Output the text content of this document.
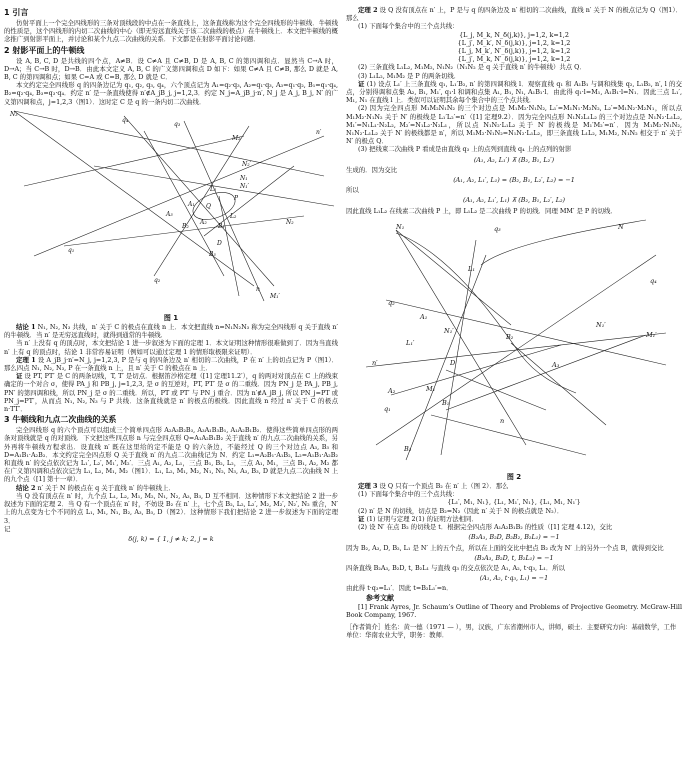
1 引言

仿射平面上一个完全四线形的三条对顶线段的中点在一条直线上，这条直线称为这个完全四线形的牛顿线．牛顿线的性质是，这个四线形的内切二次曲线的中心（即无穷远直线关于该二次曲线的极点）在牛顿线上．本文把牛顿线的概念推广到射影平面上，并讨论和某个九点二次曲线的关系．下文都是在射影平面讨论问题．

2 射影平面上的牛顿线

设 A, B, C, D 是共线的四个点，A≠B．设 C≠A 且 C≠B, D 是 A, B, C 的第四调和点．显然当 C→A 时，D→A；当 C→B 时，D→B．由此本文定义 A, B, C 的广义第四调和点 D 如下：如果 C≠A 且 C≠B, 那么 D 就是 A, B, C 的第四调和点；如果 C=A 或 C=B, 那么 D 就是 C．

本文约定完全四线形 q 的四条边记为 q₁, q₂, q₃, q₄，六个顶点记为 A₁=q₂·q₃, A₂=q₁·q₃, A₃=q₁·q₂, B₁=q₁·q₄, B₂=q₂·q₄, B₃=q₃·q₄．约定 n′ 是一条直线使得 n′∉A_jB_j, j=1,2,3．约定 N_j=A_jB_j·n′, N_j 是 A_j, B_j, N′ 的广义第四调和点，j=1,2,3（图1）．这时定 C 是 q 的一条内切二次曲线．

N₃
M₂
N₂′
N₁′
N₁
n′
L₁
L₂
Q
P
A₁
A₂
B₁
B₂
N₂
M₁′
n
q₁
q₂
q₃
q₄
D
B₃
A₃
图 1

结论 1 N₁, N₂, N₃ 共线，n′ 关于 C 的极点在直线 n 上．本文把直线 n=N₁N₂N₃ 称为完全四线形 q 关于直线 n′ 的牛顿线．当 n′ 是无穷远直线时，就得到通常的牛顿线．

当 n′ 上没有 q 的顶点时，本文把结论 1 进一步叙述为下面的定理 1．本文证明这种情形很难做到了．因为当直线 n′ 上有 q 的顶点时，结论 1 非常容易证明（例如可以通过定理 1 的情形取极限来证明）．

定理 1 设 A_jB_j·n′=N_j, j=1,2,3, P 是与 q 的四条边及 n′ 相切的二次曲线，P 在 n′ 上的切点记为 P（图1）．那么四点 N₁, N₂, N₃, P 在一条直线 n 上，且 n′ 关于 C 的极点在 n 上．

证 设 PT, PT′ 是 C 的两条切线，T, T′ 是切点．根据笛沙格定理（[1] 定理11.2′），q 的两对对顶点在 C 上的线束确定的一个对合 σ，使得 PA_j 和 PB_j, j=1,2,3, 是 σ 的互逆对，PT, PT′ 是 σ 的二重线．因为 PN_j 是 PA_j, PB_j, PN′ 的第四调和线，所以 PN_j 是 σ 的二重线．所以，PT 或 PT′ 与 PN_j 重合．因为 n′∉A_jB_j, 所以 PN_j=PT 或 PN_j=PT′，从而点 N₁, N₂, N₃ 与 P 共线．这条直线就是 n′ 的极点的极线．因此直线 n 经过 n′ 关于 C 的极点 n·TT′．

3 牛顿线和九点二次曲线的关系

完全四线形 q 的六个顶点可以组成三个简单四点形 A₂A₃B₂B₃, A₃A₁B₃B₁, A₁A₂B₁B₂．使得这些简单四点形的两条对顶线就是 q 的对顶线．下文把这些四点形 n 与完全四点形 Q=A₁A₂B₁B₂ 关于直线 n′ 的九点二次曲线的关系，另外再将牛顿线方程求出．设直线 n′ 既在这里给的定不能是 Q 的六条边，不能经过 Q 的三个对边点 A₃, B₃ 和 D=A₁B₁·A₂B₂．本文约定完全四点形 Q 关于直线 n′ 的九点二次曲线记为 N．约定 L₁=A₂B₁·A₁B₂, L₂=A₁B₁·A₂B₂ 和直线 n′ 的交点依次记为 L₁′, L₂′, M₁′, M₂′．三点 A₁, A₂, L₁，三点 B₁, B₂, L₂，三点 A₁, M₁，三点 B₁, A₂, M₂ 都在广义第四调和点依次记为 L₁, L₂, M₁, M₂（图1）．L₁, L₂, M₁, M₂, N₁, N₂, N₃, A₃, B₃, D 就是九点二次曲线 N 上的九个点（[1] 第十一章）．

结论 2 n′ 关于 N 的极点在 q 关于直线 n′ 的牛顿线上．

当 Q 没有顶点在 n′ 时，九个点 L₁, L₂, M₁, M₂, N₁, N₂, A₃, B₃, D 互不相同．这种情形下本文把结论 2 进一步叙述为下面的定理 2．当 Q 有一个顶点在 n′ 时，不妨设 B₂ 在 n′ 上，七个点 B₂, L₂, L₂′, M₂, M₂′, N₂′, N₂ 重合，N′ 上的九点变为七个不同的点 L₁, M₁, N₁, B₂, A₃, B₃, D（图2）．这种情形下我们把结论 2 进一步叙述为下面的定理 3．

记

δ(j, k) = { 1, j ≠ k; 2, j = k

定理 2 设 Q 没有顶点在 n′ 上，P 是与 q 的四条边及 n′ 相切的二次曲线，直线 n′ 关于 N 的极点记为 Q（图1）．那么

(1) 下面每个集合中的三个点共线：

{L_j, M_k, N_δ(j,k)}, j=1,2, k=1,2
{L_j′, M_k′, N_δ(j,k)}, j=1,2, k=1,2
{L_j, M_k′, N′_δ(j,k)}, j=1,2, k=1,2
{L_j′, M_k, N′_δ(j,k)}, j=1,2, k=1,2

(2) 三条直线 L₁L₂, M₁M₂, N₁N₂（N₁N₂ 是 q 关于直线 n′ 的牛顿线）共点 Q．

(3) L₁L₂, M₁M₂ 是 P 的两条切线．

证 (1) 设点 L₁′ 上三条直线 q₁, L₁′B₂, n′ 的第四调和线 l．观察直线 q₁ 和 A₁B₁ 与调和线集 q₂, L₁B₂, n′, l 的交点，分别得调和点集 A₂, B₁, M₁′, q₁·l 和调和点集 A₁, B₁, N₁, A₁B₁·l．由此得 q₁·l=M₁, A₁B₁·l=N₁．因此三点 L₁′, M₁, N₁ 在直线 l 上．类似可以证明其余每个集合中的三个点共线．

(2) 因为完全四点形 M₁M₂N₁N₂ 的三个对边点是 M₁M₂·N₁N₂, L₁′=M₁N₁·M₂N₂, L₂′=M₁N₂·M₂N₁，所以点 M₁M₂·N₁N₂ 关于 N′ 的极线是 L₁′L₂′=n′（[1] 定理9.2）．因为完全四点形 N₁N₂L₁L₂ 的三个对边点是 N₁N₂·L₁L₂, M₁′=N₁L₁·N₂L₂, M₂′=N₁L₂·N₂L₁，所以点 N₁N₂·L₁L₂ 关于 N′ 的极线是 M₁′M₂′=n′．因为 M₁M₂·N₁N₂, N₁N₂·L₁L₂ 关于 N′ 的极线都是 n′，所以 M₁M₂·N₁N₂=N₁N₂·L₁L₂，即三条直线 L₁L₂, M₁M₂, N₁N₂ 相交于 n′ 关于 N′ 的极点 Q．

(3) 把线束二次曲线 P 看成是由直线 q₃ 上的点列到直线 q₄ 上的点列的射影

(A₁, A₂, L₁′) ⊼ (B₂, B₁, L₂′)

生成的．因为交比

(A₁, A₂, L₁′, L₁) = (B₂, B₁, L₂′, L₂) = −1

所以

(A₁, A₂, L₁′, L₁) ⊼ (B₂, B₁, L₂′, L₂)

因此直线 L₁L₂ 在线素二次曲线 P 上，即 L₁L₂ 是二次曲线 P 的切线．同理 MM′ 是 P 的切线．

N₁	q₃	N
q₄
L₁
q₂
A₁
N₁′
B₂
N₁′
M₁′
L₁′
n′	D	A₃
A₂	M₁
B₁
q₁
B₃
n
图 2

定理 3 设 Q 只有一个顶点 B₂ 在 n′ 上（图 2）．那么

(1) 下面每个集合中的三个点共线：

{L₁′, M₁, N₁}, {L₁, M₁′, N₁}, {L₁, M₁, N₁′}

(2) n′ 是 N 的切线，切点是 B₂=N₂（因此 n′ 关于 N 的极点就是 N₂）．

证 (1) 证明与定理 2(1) 的证明方法相同．

(2) 设 N′ 在点 B₂ 的切线是 t．根据完全四点形 A₁A₂B₁B₂ 的性质（[1] 定理 4.12)，交比

(B₂A₃, B₂D, B₂B₂, B₂L₁) = −1

因为 B₂, A₃, D, B₂, L₁ 是 N′ 上的五个点，所以在上面的交比中把点 B₂ 改为 N′ 上的另外一个点 B，就得到交比

(B₂A₃, B₂D, t, B₂L₁) = −1

四条直线 B₂A₃, B₂D, t, B₂L₁ 与直线 q₃ 的交点依次是 A₁, A₂, t·q₃, L₁．所以

(A₁, A₂, t·q₃, L₁) = −1

由此得 t·q₃=L₁′．因此 t=B₂L₁′=n．

参考文献

[1] Frank Ayres, Jr. Schaum’s Outline of Theory and Problems of Projective Geometry. McGraw-Hill Book Company, 1967.

［作者简介］姓名：黄一德（1971 — ），男，汉族，广东省潮州市人，讲师，硕士．主要研究方向：基础数学，工作单位：华南农业大学，职务：教师．
